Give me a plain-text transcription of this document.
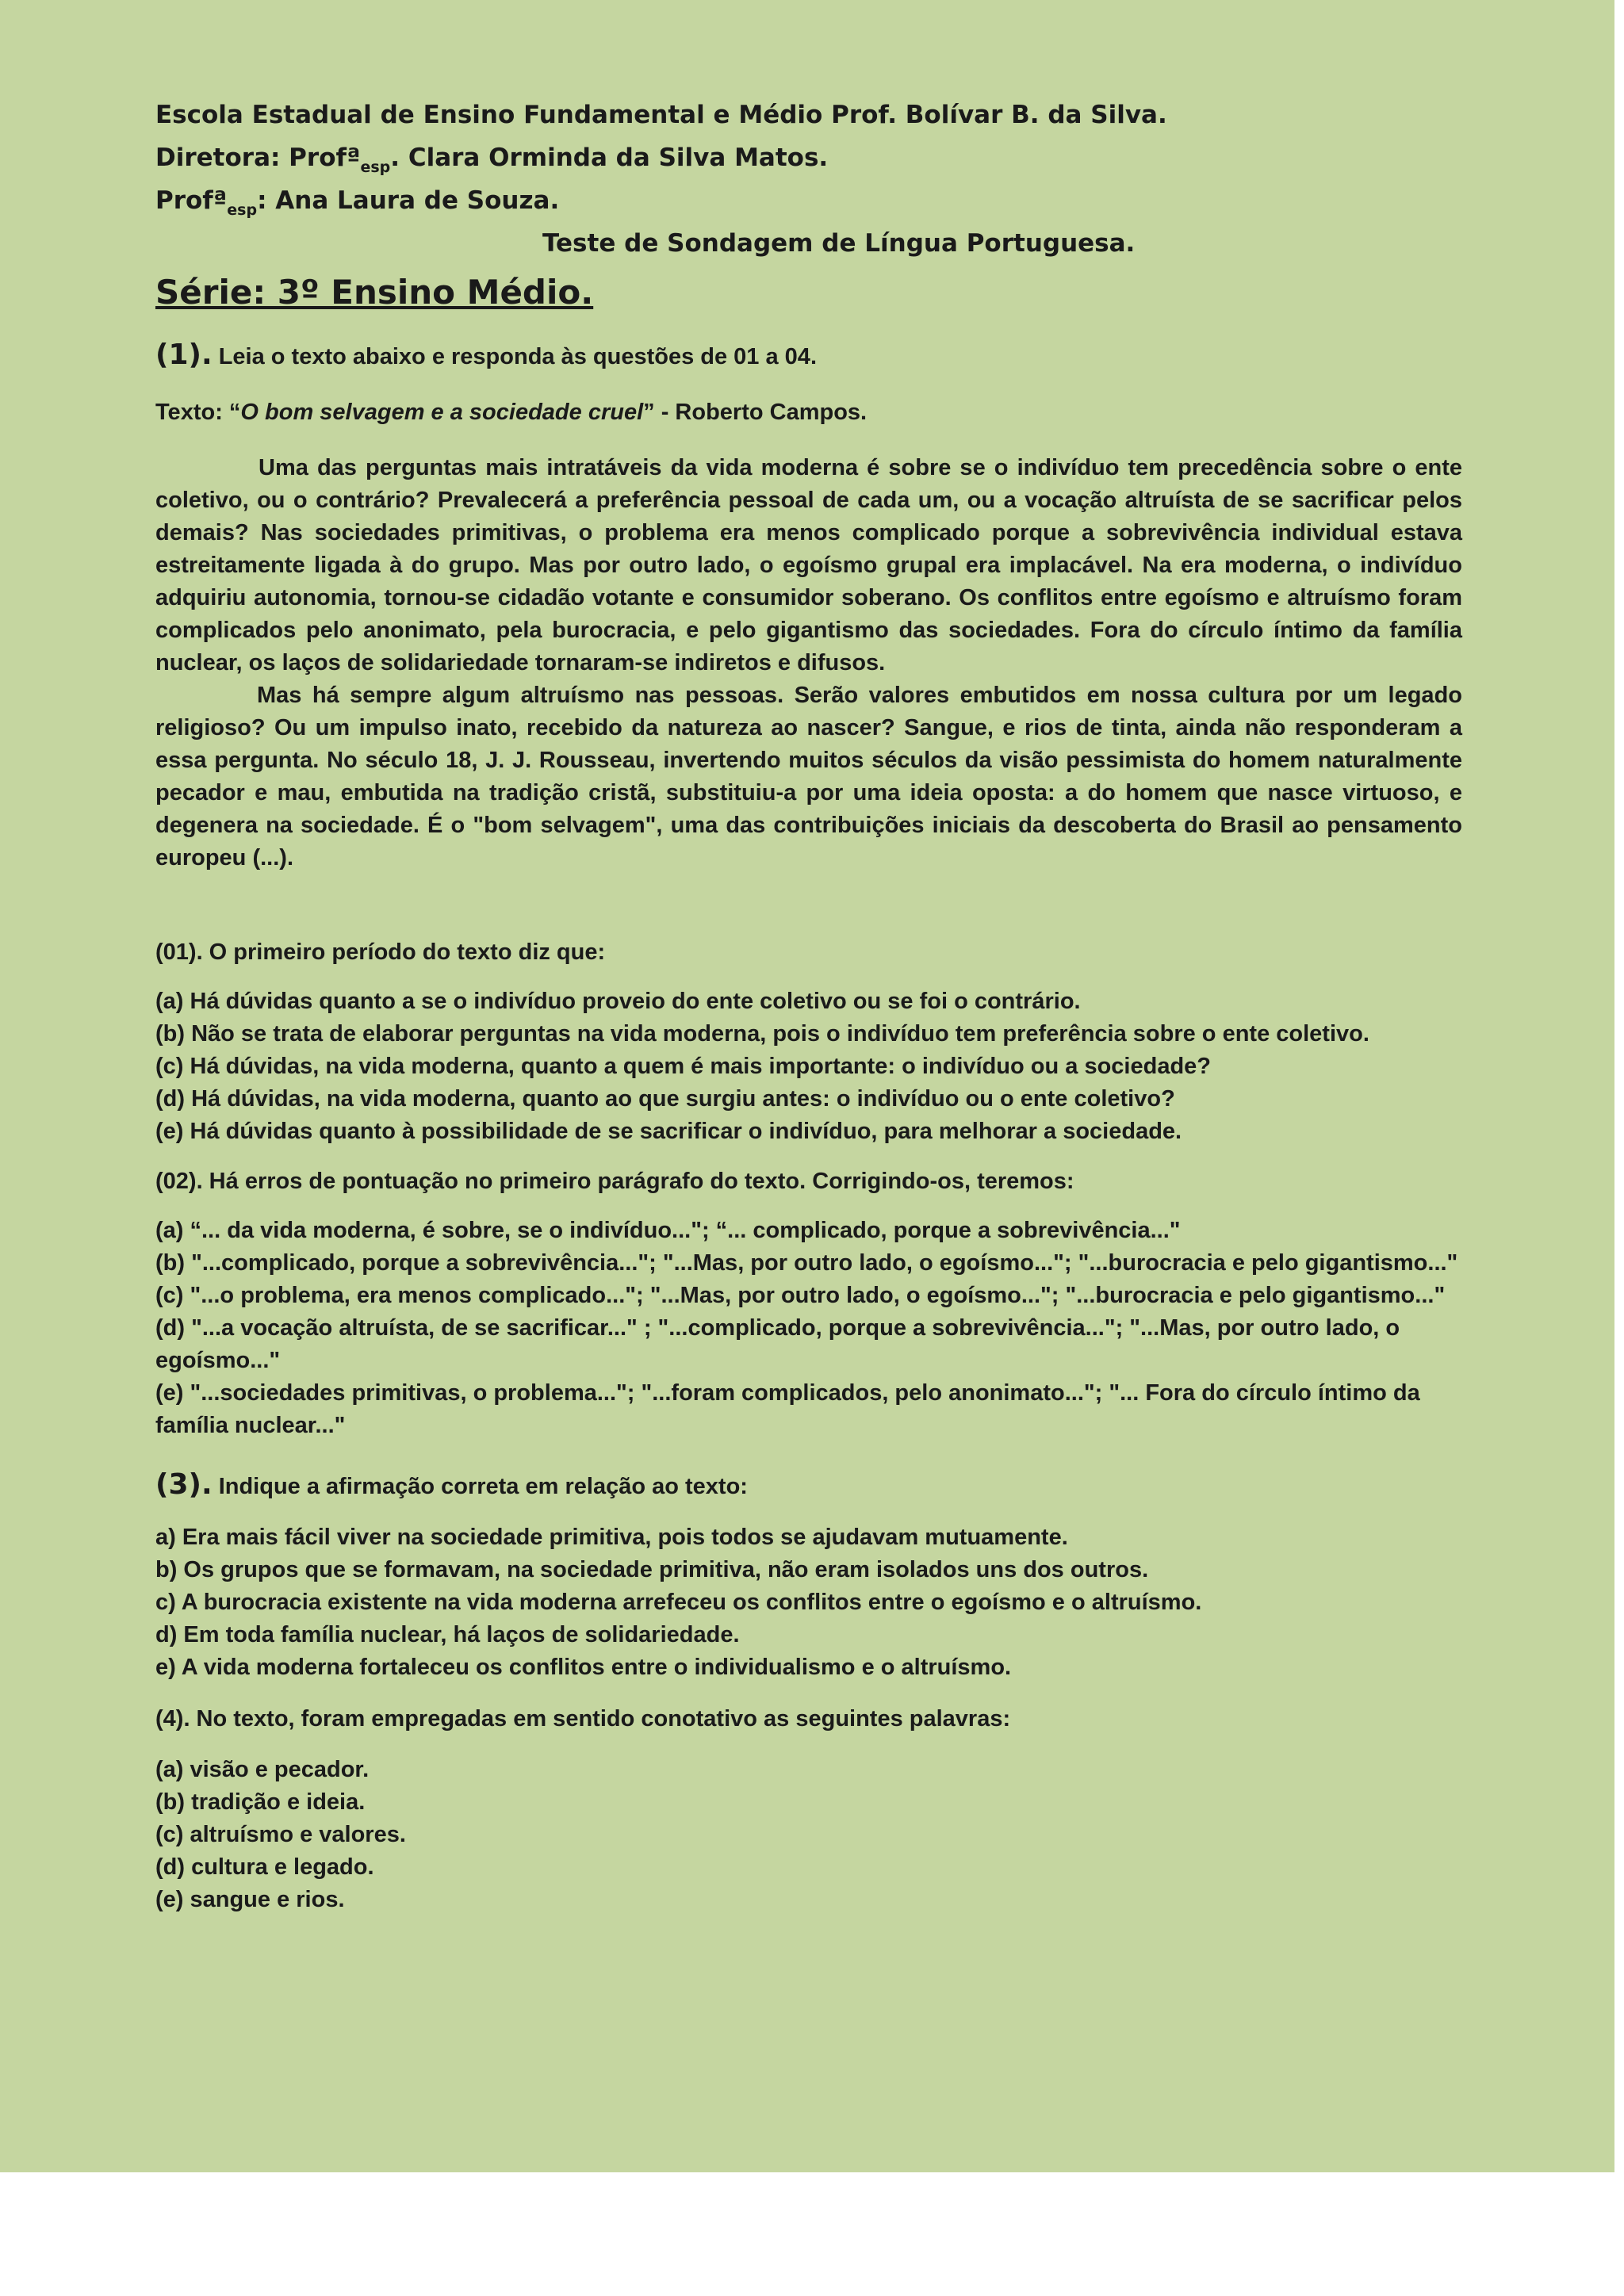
Escola Estadual de Ensino Fundamental e Médio Prof. Bolívar B. da Silva.

Diretora: Profª$_{esp}$. Clara Orminda da Silva Matos.

Profª$_{esp}$: Ana Laura de Souza.

Teste de Sondagem de Língua Portuguesa.

Série: 3º Ensino Médio.

(1). Leia o texto abaixo e responda às questões de 01 a 04.

Texto: “O bom selvagem e a sociedade cruel” - Roberto Campos.

Uma das perguntas mais intratáveis da vida moderna é sobre se o indivíduo tem precedência sobre o ente coletivo, ou o contrário? Prevalecerá a preferência pessoal de cada um, ou a vocação altruísta de se sacrificar pelos demais? Nas sociedades primitivas, o problema era menos complicado porque a sobrevivência individual estava estreitamente ligada à do grupo. Mas por outro lado, o egoísmo grupal era implacável. Na era moderna, o indivíduo adquiriu autonomia, tornou-se cidadão votante e consumidor soberano. Os conflitos entre egoísmo e altruísmo foram complicados pelo anonimato, pela burocracia, e pelo gigantismo das sociedades. Fora do círculo íntimo da família nuclear, os laços de solidariedade tornaram-se indiretos e difusos.

Mas há sempre algum altruísmo nas pessoas. Serão valores embutidos em nossa cultura por um legado religioso? Ou um impulso inato, recebido da natureza ao nascer? Sangue, e rios de tinta, ainda não responderam a essa pergunta. No século 18, J. J. Rousseau, invertendo muitos séculos da visão pessimista do homem naturalmente pecador e mau, embutida na tradição cristã, substituiu-a por uma ideia oposta: a do homem que nasce virtuoso, e degenera na sociedade. É o "bom selvagem", uma das contribuições iniciais da descoberta do Brasil ao pensamento europeu (...).

(01). O primeiro período do texto diz que:

(a) Há dúvidas quanto a se o indivíduo proveio do ente coletivo ou se foi o contrário.

(b) Não se trata de elaborar perguntas na vida moderna, pois o indivíduo tem preferência sobre o ente coletivo.

(c) Há dúvidas, na vida moderna, quanto a quem é mais importante: o indivíduo ou a sociedade?

(d) Há dúvidas, na vida moderna, quanto ao que surgiu antes: o indivíduo ou o ente coletivo?

(e) Há dúvidas quanto à possibilidade de se sacrificar o indivíduo, para melhorar a sociedade.

(02). Há erros de pontuação no primeiro parágrafo do texto. Corrigindo-os, teremos:

(a) “... da vida moderna, é sobre, se o indivíduo..."; “... complicado, porque a sobrevivência..."

(b) "...complicado, porque a sobrevivência..."; "...Mas, por outro lado, o egoísmo..."; "...burocracia e pelo gigantismo..."

(c) "...o problema, era menos complicado..."; "...Mas, por outro lado, o egoísmo..."; "...burocracia e pelo gigantismo..."

(d) "...a vocação altruísta, de se sacrificar..." ; "...complicado, porque a sobrevivência..."; "...Mas, por outro lado, o egoísmo..."

(e) "...sociedades primitivas, o problema..."; "...foram complicados, pelo anonimato..."; "... Fora do círculo íntimo da família nuclear..."

(3). Indique a afirmação correta em relação ao texto:

a) Era mais fácil viver na sociedade primitiva, pois todos se ajudavam mutuamente.

b) Os grupos que se formavam, na sociedade primitiva, não eram isolados uns dos outros.

c) A burocracia existente na vida moderna arrefeceu os conflitos entre o egoísmo e o altruísmo.

d) Em toda família nuclear, há laços de solidariedade.

e) A vida moderna fortaleceu os conflitos entre o individualismo e o altruísmo.

(4). No texto, foram empregadas em sentido conotativo as seguintes palavras:

(a) visão e pecador.

(b) tradição e ideia.

(c) altruísmo e valores.

(d) cultura e legado.

(e) sangue e rios.
